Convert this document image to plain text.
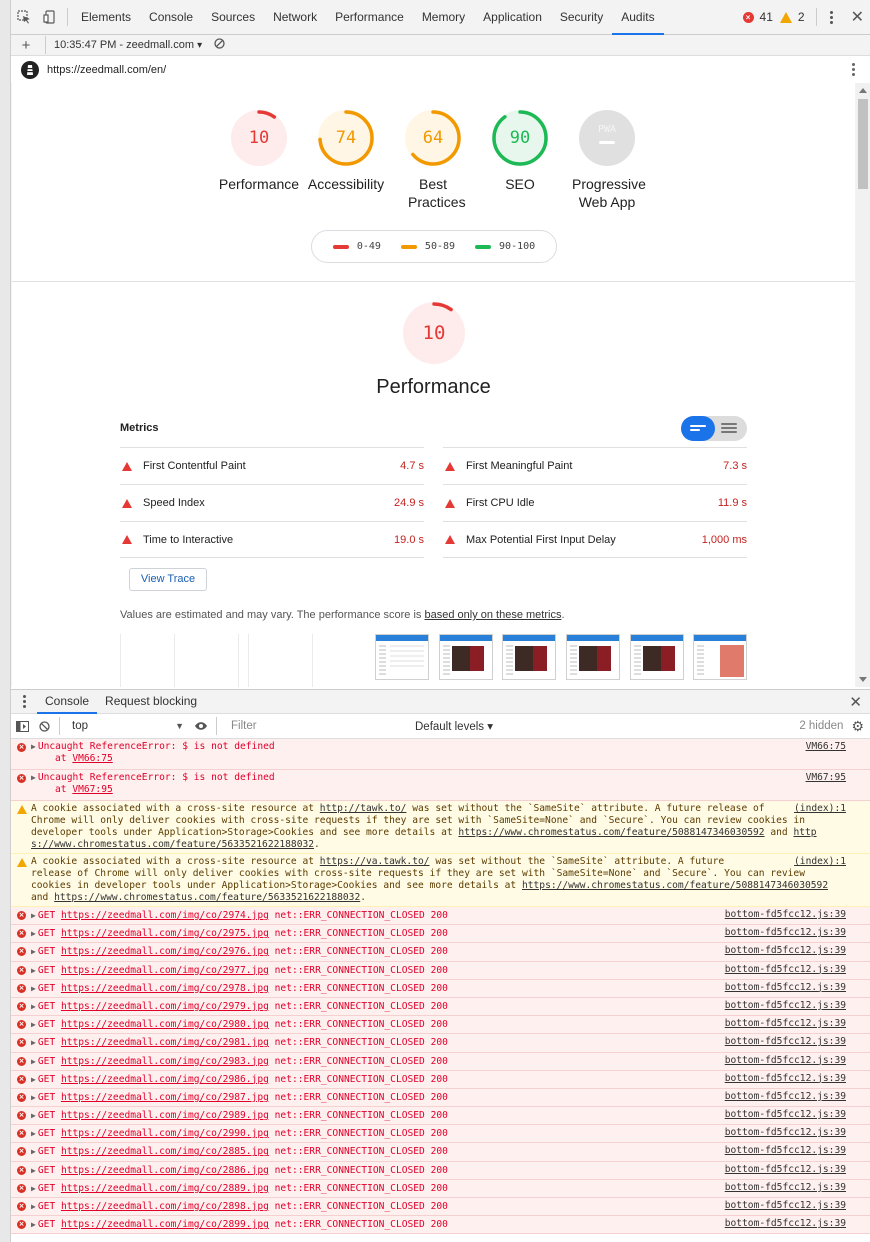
Elements	Console	Sources	Network	Performance	Memory	Application	Security	Audits	× 41 2	✕
+	10:35:47 PM - zeedmall.com ▾
https://zeedmall.com/en/
10
Performance
74
Accessibility
64
Best Practices
90
SEO
PWA
Progressive Web App
0-49	50-89	90-100
10
Performance
Metrics
First Contentful Paint	4.7 s	First Meaningful Paint	7.3 s
Speed Index	24.9 s	First CPU Idle	11.9 s
Time to Interactive	19.0 s	Max Potential First Input Delay	1,000 ms
View Trace
Values are estimated and may vary. The performance score is based only on these metrics.
Console	Request blocking	✕
top	▼
Filter	Default levels ▾	2 hidden ⚙
× ▶ Uncaught ReferenceError: $ is not defined
at VM66:75
VM66:75
× ▶ Uncaught ReferenceError: $ is not defined
at VM67:95
VM67:95
A cookie associated with a cross-site resource at http://tawk.to/ was set without the `SameSite` attribute. A future release of
Chrome will only deliver cookies with cross-site requests if they are set with `SameSite=None` and `Secure`. You can review cookies in
developer tools under Application>Storage>Cookies and see more details at https://www.chromestatus.com/feature/5088147346030592 and http
s://www.chromestatus.com/feature/5633521622188032.
(index):1
A cookie associated with a cross-site resource at https://va.tawk.to/ was set without the `SameSite` attribute. A future
release of Chrome will only deliver cookies with cross-site requests if they are set with `SameSite=None` and `Secure`. You can review
cookies in developer tools under Application>Storage>Cookies and see more details at https://www.chromestatus.com/feature/5088147346030592
and https://www.chromestatus.com/feature/5633521622188032.
(index):1
× ▶ GET https://zeedmall.com/img/co/2974.jpg net::ERR_CONNECTION_CLOSED 200	bottom-fd5fcc12.js:39
× ▶ GET https://zeedmall.com/img/co/2975.jpg net::ERR_CONNECTION_CLOSED 200	bottom-fd5fcc12.js:39
× ▶ GET https://zeedmall.com/img/co/2976.jpg net::ERR_CONNECTION_CLOSED 200	bottom-fd5fcc12.js:39
× ▶ GET https://zeedmall.com/img/co/2977.jpg net::ERR_CONNECTION_CLOSED 200	bottom-fd5fcc12.js:39
× ▶ GET https://zeedmall.com/img/co/2978.jpg net::ERR_CONNECTION_CLOSED 200	bottom-fd5fcc12.js:39
× ▶ GET https://zeedmall.com/img/co/2979.jpg net::ERR_CONNECTION_CLOSED 200	bottom-fd5fcc12.js:39
× ▶ GET https://zeedmall.com/img/co/2980.jpg net::ERR_CONNECTION_CLOSED 200	bottom-fd5fcc12.js:39
× ▶ GET https://zeedmall.com/img/co/2981.jpg net::ERR_CONNECTION_CLOSED 200	bottom-fd5fcc12.js:39
× ▶ GET https://zeedmall.com/img/co/2983.jpg net::ERR_CONNECTION_CLOSED 200	bottom-fd5fcc12.js:39
× ▶ GET https://zeedmall.com/img/co/2986.jpg net::ERR_CONNECTION_CLOSED 200	bottom-fd5fcc12.js:39
× ▶ GET https://zeedmall.com/img/co/2987.jpg net::ERR_CONNECTION_CLOSED 200	bottom-fd5fcc12.js:39
× ▶ GET https://zeedmall.com/img/co/2989.jpg net::ERR_CONNECTION_CLOSED 200	bottom-fd5fcc12.js:39
× ▶ GET https://zeedmall.com/img/co/2990.jpg net::ERR_CONNECTION_CLOSED 200	bottom-fd5fcc12.js:39
× ▶ GET https://zeedmall.com/img/co/2885.jpg net::ERR_CONNECTION_CLOSED 200	bottom-fd5fcc12.js:39
× ▶ GET https://zeedmall.com/img/co/2886.jpg net::ERR_CONNECTION_CLOSED 200	bottom-fd5fcc12.js:39
× ▶ GET https://zeedmall.com/img/co/2889.jpg net::ERR_CONNECTION_CLOSED 200	bottom-fd5fcc12.js:39
× ▶ GET https://zeedmall.com/img/co/2898.jpg net::ERR_CONNECTION_CLOSED 200	bottom-fd5fcc12.js:39
× ▶ GET https://zeedmall.com/img/co/2899.jpg net::ERR_CONNECTION_CLOSED 200	bottom-fd5fcc12.js:39
